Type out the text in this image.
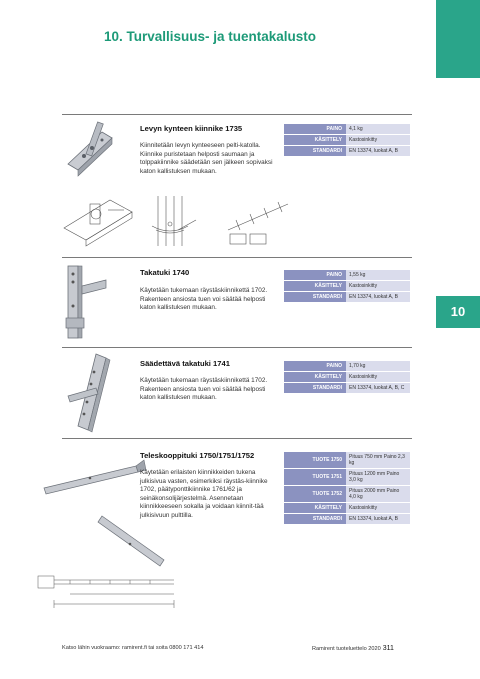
10
10. Turvallisuus- ja tuentakalusto
Levyn kynteen kiinnike 1735
Kiinnitetään levyn kynteeseen pelti-katolla. Kiinnike puristetaan helposti saumaan ja tolppakiinnike säädetään sen jälkeen sopivaksi katon kallistuksen mukaan.
PAINO	4,1 kg
KÄSITTELY	Kastosinkitty
STANDARDI	EN 13374, luokat A, B
Takatuki 1740
Käytetään tukemaan räystäskiinnikettä 1702. Rakenteen ansiosta tuen voi säätää helposti katon kallistuksen mukaan.
PAINO	1,55 kg
KÄSITTELY	Kastosinkitty
STANDARDI	EN 13374, luokat A, B
Säädettävä takatuki 1741
Käytetään tukemaan räystäskiinnikettä 1702. Rakenteen ansiosta tuen voi säätää helposti katon kallistuksen mukaan.
PAINO	1,70 kg
KÄSITTELY	Kastosinkitty
STANDARDI	EN 13374, luokat A, B, C
Teleskooppituki 1750/1751/1752
Käytetään erilaisten kiinnikkeiden tukena julkisivua vasten, esimerkiksi räystäs-kiinnike 1702, päätyponttikiinnike 1761/62 ja seinäkonsolijärjestelmä. Asennetaan kiinnikkeeseen sokalla ja voidaan kiinnit-tää julkisivuun pulttilla.
TUOTE 1750	Pituus 750 mm Paino 2,3 kg
TUOTE 1751	Pituus 1200 mm Paino 3,0 kg
TUOTE 1752	Pituus 2000 mm Paino 4,0 kg
KÄSITTELY	Kastosinkitty
STANDARDI	EN 13374, luokat A, B
Katso lähin vuokraamo: ramirent.fi tai soita 0800 171 414	Ramirent tuoteluettelo 2020 311
